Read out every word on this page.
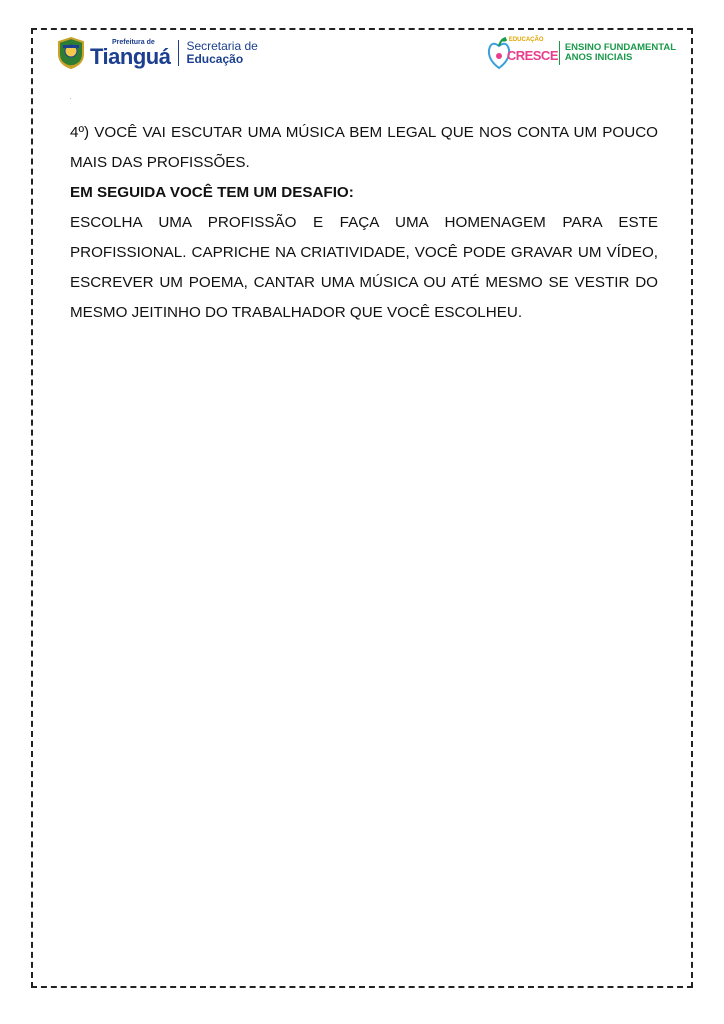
Prefeitura de
Tianguá Secretaria de
Educação
EDUCAÇÃO
CRESCE
ENSINO FUNDAMENTAL
ANOS INICIAIS

4º) VOCÊ VAI ESCUTAR UMA MÚSICA BEM LEGAL QUE NOS CONTA UM POUCO MAIS DAS PROFISSÕES.

EM SEGUIDA VOCÊ TEM UM DESAFIO:

ESCOLHA UMA PROFISSÃO E FAÇA UMA HOMENAGEM PARA ESTE PROFISSIONAL. CAPRICHE NA CRIATIVIDADE, VOCÊ PODE GRAVAR UM VÍDEO, ESCREVER UM POEMA, CANTAR UMA MÚSICA OU ATÉ MESMO SE VESTIR DO MESMO JEITINHO DO TRABALHADOR QUE VOCÊ ESCOLHEU.
